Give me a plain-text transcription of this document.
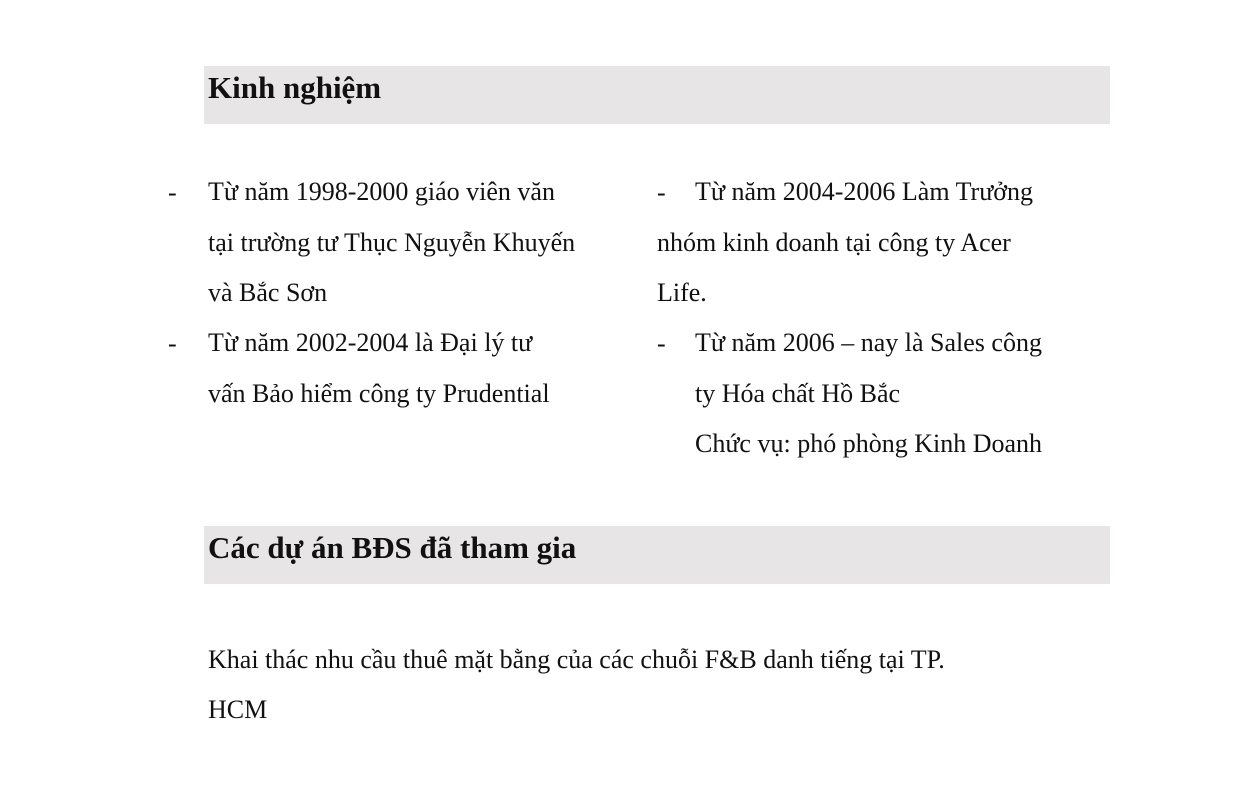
Kinh nghiệm
- Từ năm 1998-2000 giáo viên văn
tại trường tư Thục Nguyễn Khuyến
và Bắc Sơn
- Từ năm 2002-2004 là Đại lý tư
vấn Bảo hiểm công ty Prudential
- Từ năm 2004-2006 Làm Trưởng
nhóm kinh doanh tại công ty Acer
Life.
- Từ năm 2006 – nay là Sales công
ty Hóa chất Hồ Bắc
Chức vụ: phó phòng Kinh Doanh
Các dự án BĐS đã tham gia
Khai thác nhu cầu thuê mặt bằng của các chuỗi F&B danh tiếng tại TP.
HCM
